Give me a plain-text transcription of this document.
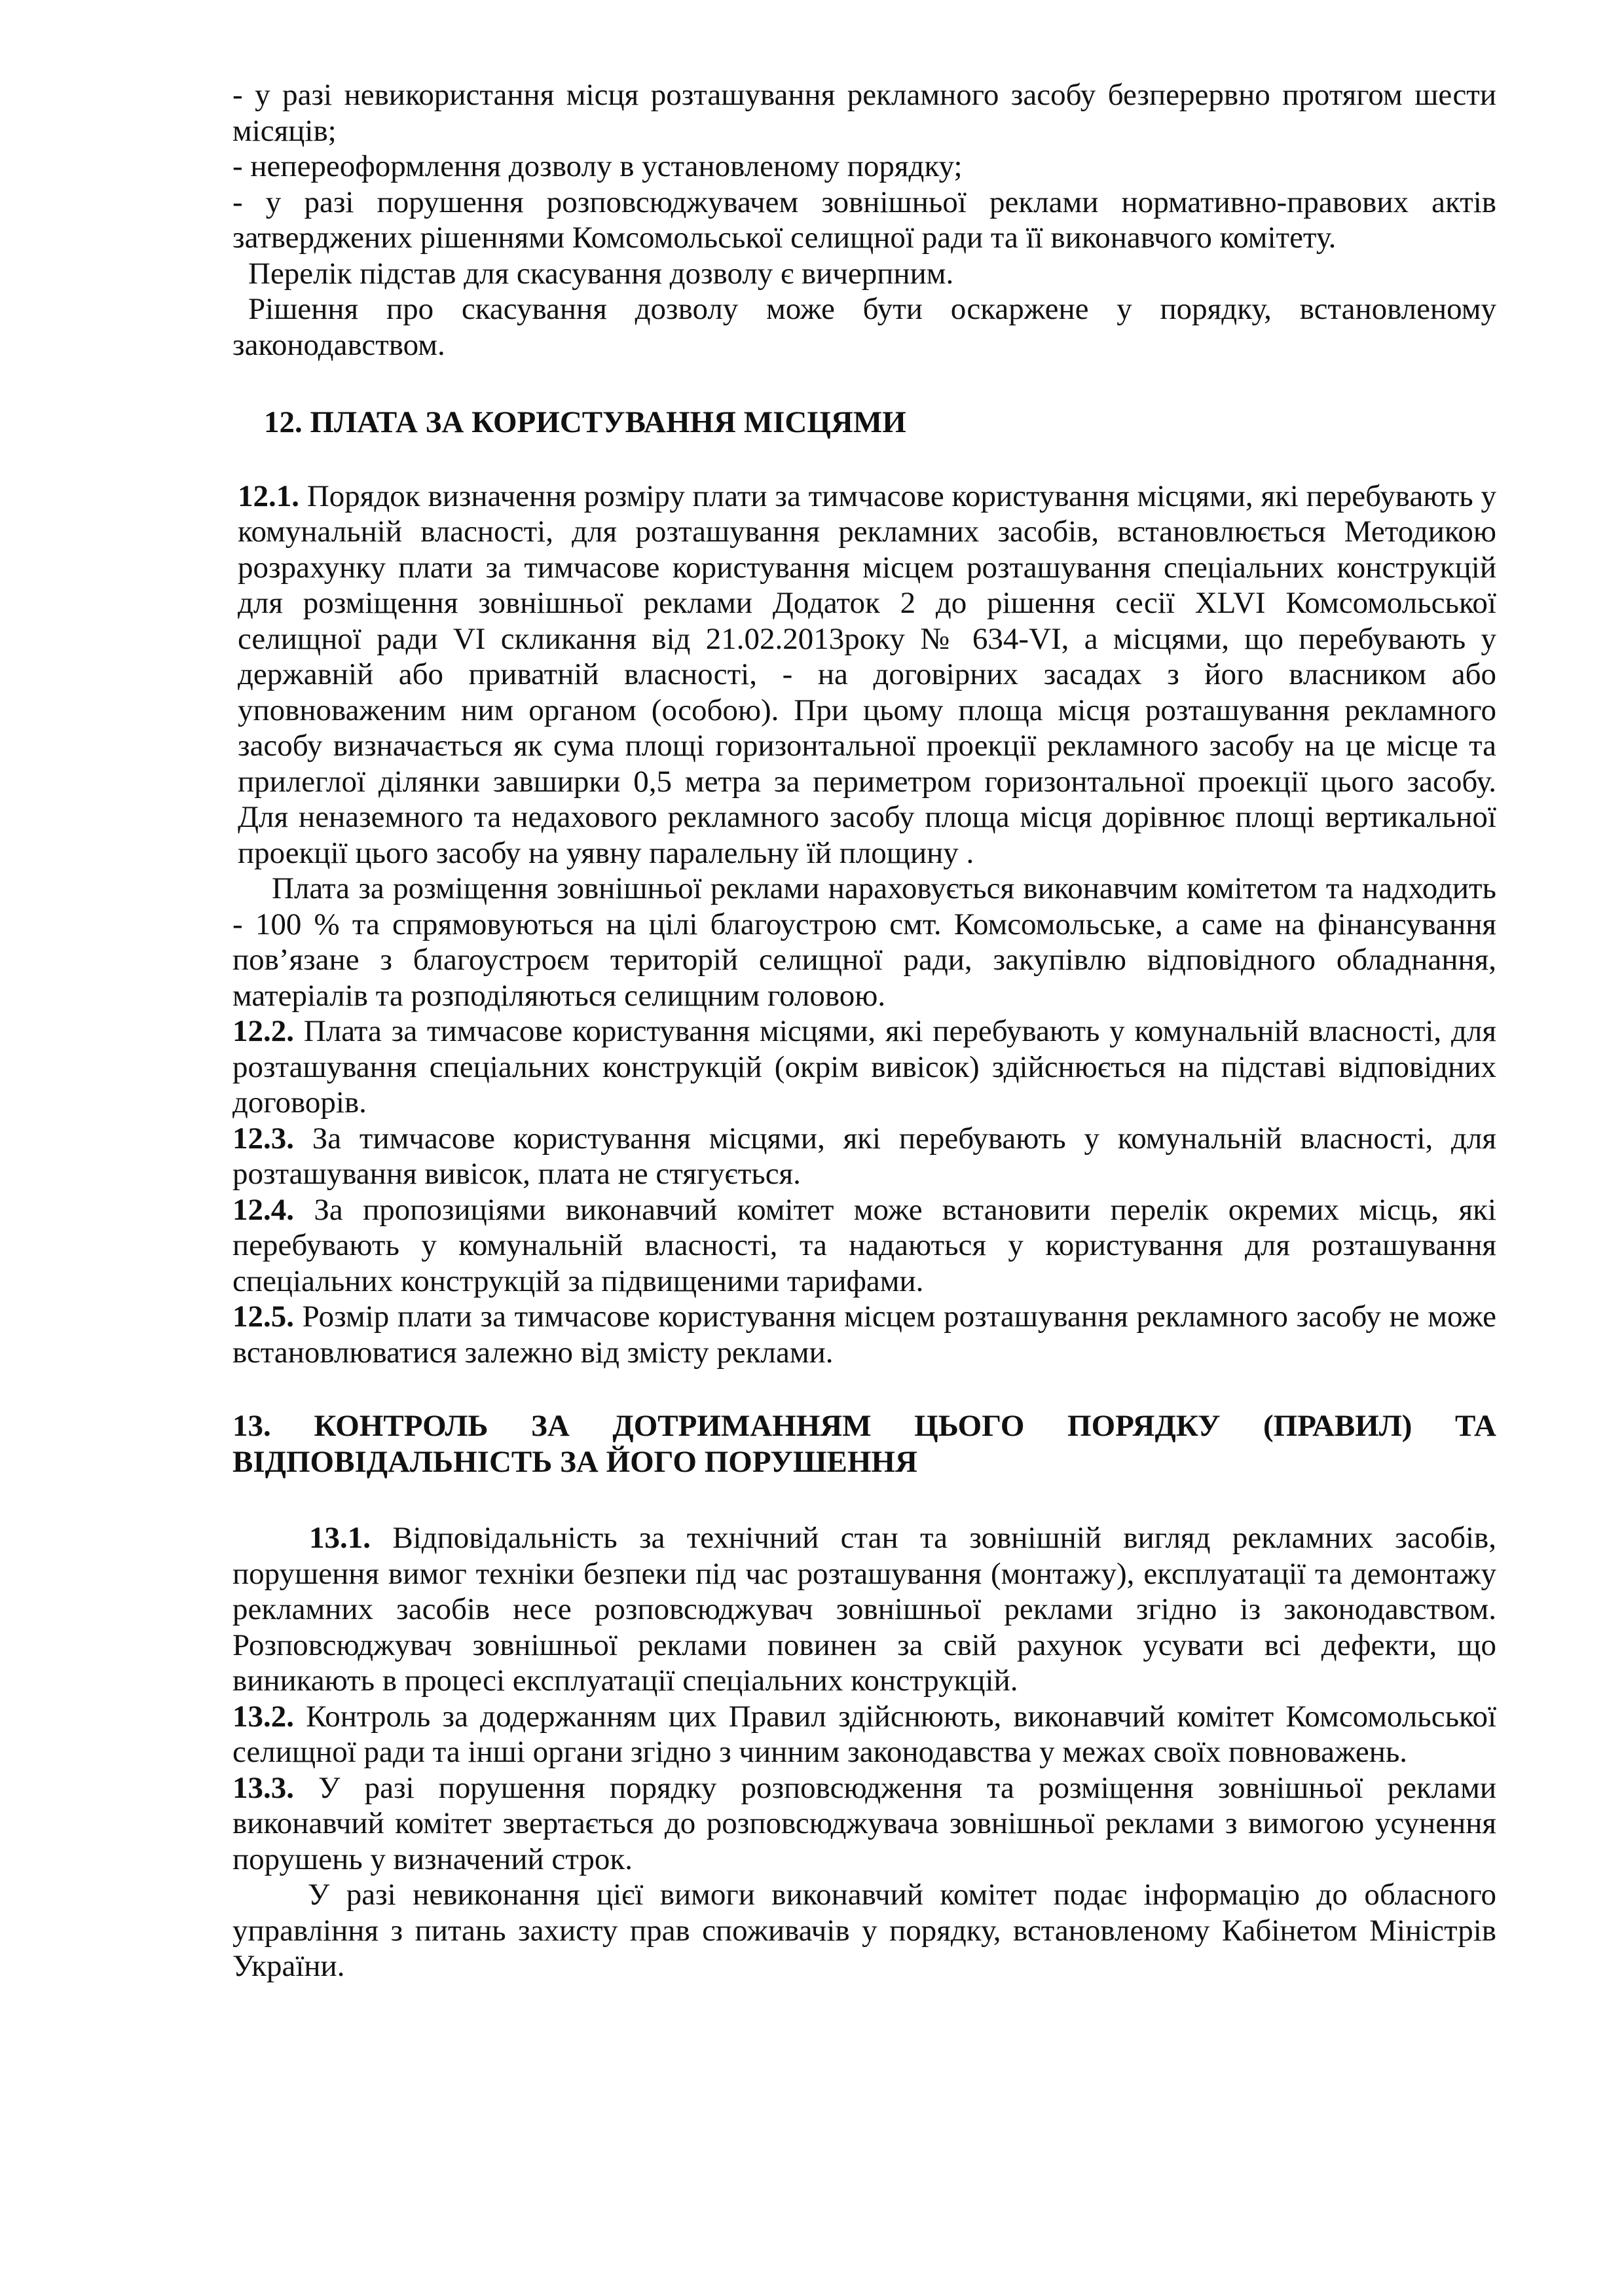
- у разі невикористання місця розташування рекламного засобу безперервно протягом шести місяців;

- непереоформлення дозволу в установленому порядку;

- у разі порушення розповсюджувачем зовнішньої реклами нормативно-правових актів затверджених рішеннями Комсомольської селищної ради та її виконавчого комітету.

Перелік підстав для скасування дозволу є вичерпним.

Рішення про скасування дозволу може бути оскаржене у порядку, встановленому законодавством.

12. ПЛАТА ЗА КОРИСТУВАННЯ МІСЦЯМИ

12.1. Порядок визначення розміру плати за тимчасове користування місцями, які перебувають у комунальній власності, для розташування рекламних засобів, встановлюється Методикою розрахунку плати за тимчасове користування місцем розташування спеціальних конструкцій для розміщення зовнішньої реклами Додаток 2 до рішення сесії XLVI Комсомольської селищної ради VI скликання від 21.02.2013року № 634-VI, а місцями, що перебувають у державній або приватній власності, - на договірних засадах з його власником або уповноваженим ним органом (особою). При цьому площа місця розташування рекламного засобу визначається як сума площі горизонтальної проекції рекламного засобу на це місце та прилеглої ділянки завширки 0,5 метра за периметром горизонтальної проекції цього засобу. Для неназемного та недахового рекламного засобу площа місця дорівнює площі вертикальної проекції цього засобу на уявну паралельну їй площину .

Плата за розміщення зовнішньої реклами нараховується виконавчим комітетом та надходить - 100 % та спрямовуються на цілі благоустрою смт. Комсомольське, а саме на фінансування пов’язане з благоустроєм територій селищної ради, закупівлю відповідного обладнання, матеріалів та розподіляються селищним головою.

12.2. Плата за тимчасове користування місцями, які перебувають у комунальній власності, для розташування спеціальних конструкцій (окрім вивісок) здійснюється на підставі відповідних договорів.

12.3. За тимчасове користування місцями, які перебувають у комунальній власності, для розташування вивісок, плата не стягується.

12.4. За пропозиціями виконавчий комітет може встановити перелік окремих місць, які перебувають у комунальній власності, та надаються у користування для розташування спеціальних конструкцій за підвищеними тарифами.

12.5. Розмір плати за тимчасове користування місцем розташування рекламного засобу не може встановлюватися залежно від змісту реклами.

13. КОНТРОЛЬ ЗА ДОТРИМАННЯМ ЦЬОГО ПОРЯДКУ (ПРАВИЛ) ТА ВІДПОВІДАЛЬНІСТЬ ЗА ЙОГО ПОРУШЕННЯ

13.1. Відповідальність за технічний стан та зовнішній вигляд рекламних засобів, порушення вимог техніки безпеки під час розташування (монтажу), експлуатації та демонтажу рекламних засобів несе розповсюджувач зовнішньої реклами згідно із законодавством. Розповсюджувач зовнішньої реклами повинен за свій рахунок усувати всі дефекти, що виникають в процесі експлуатації спеціальних конструкцій.

13.2. Контроль за додержанням цих Правил здійснюють, виконавчий комітет Комсомольської селищної ради та інші органи згідно з чинним законодавства у межах своїх повноважень.

13.3. У разі порушення порядку розповсюдження та розміщення зовнішньої реклами виконавчий комітет звертається до розповсюджувача зовнішньої реклами з вимогою усунення порушень у визначений строк.

У разі невиконання цієї вимоги виконавчий комітет подає інформацію до обласного управління з питань захисту прав споживачів у порядку, встановленому Кабінетом Міністрів України.
